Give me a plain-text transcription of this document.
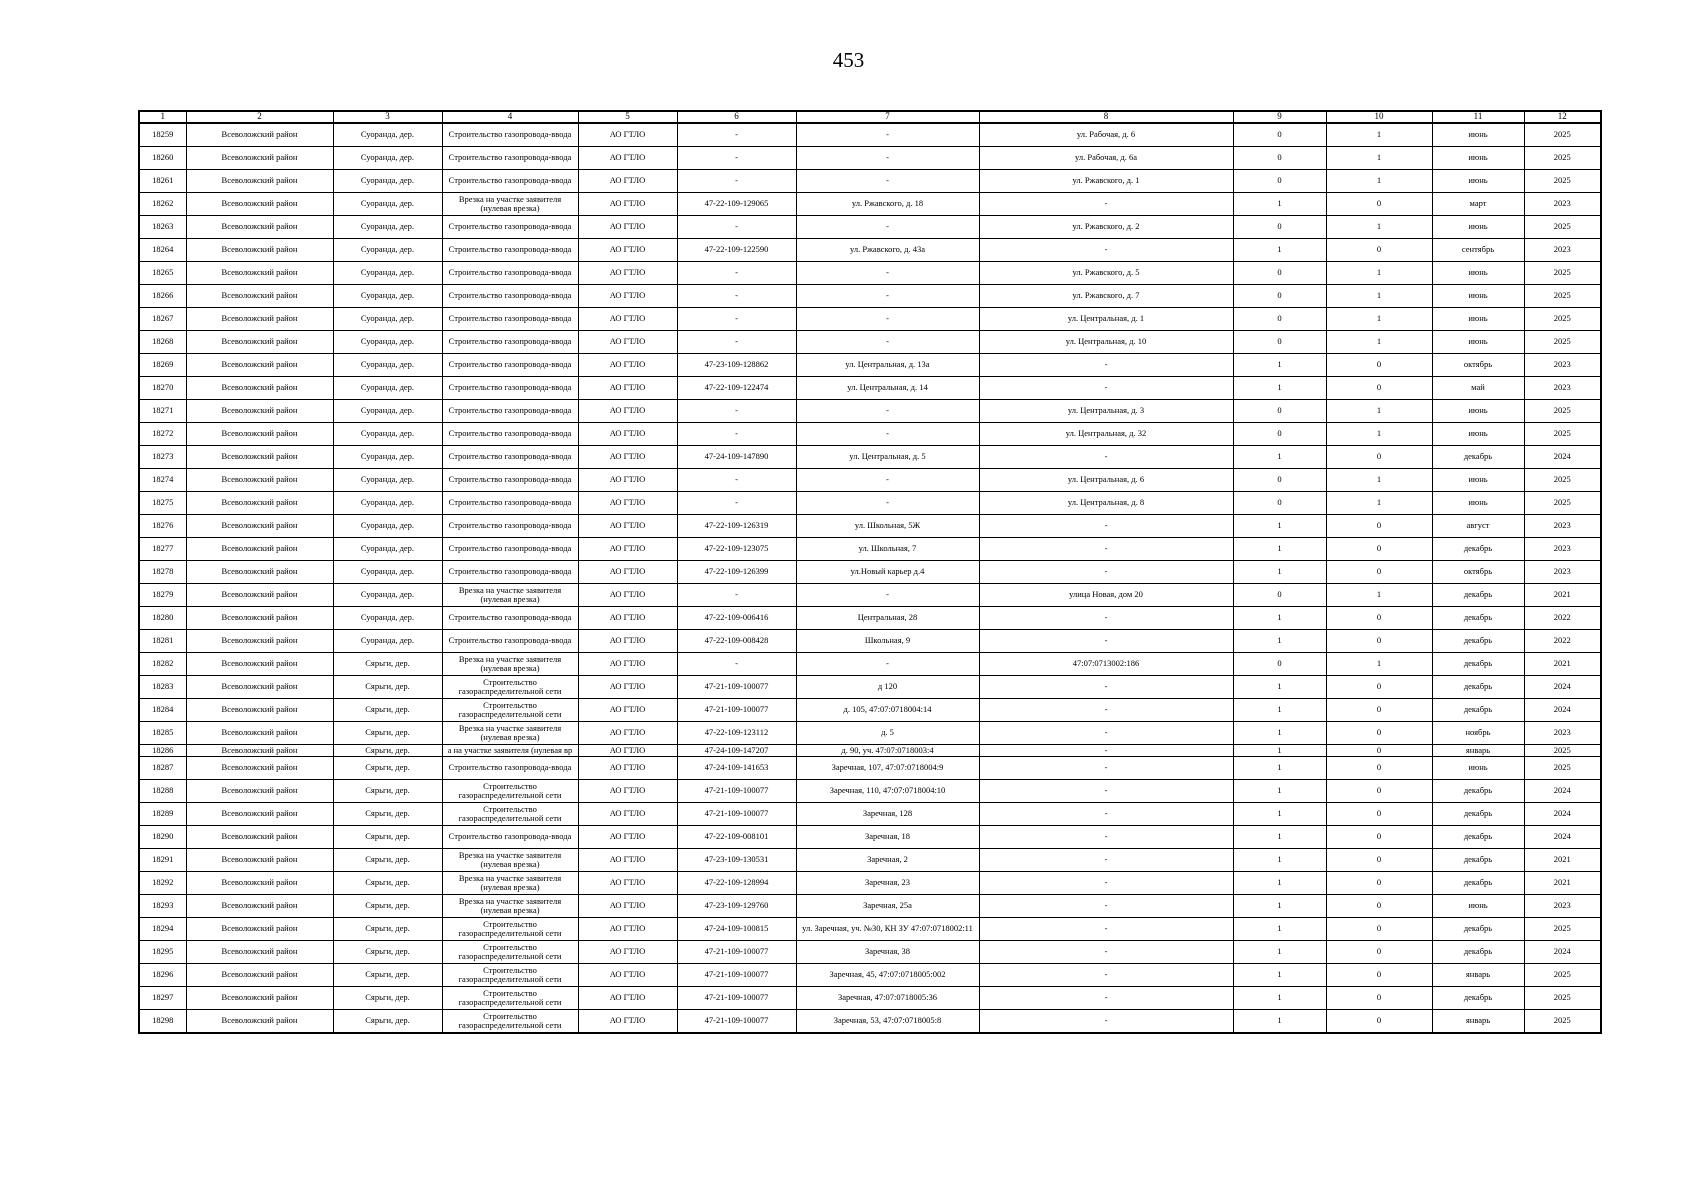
453
1	2	3	4	5	6	7	8	9	10	11	12
18259	Всеволожский район	Суоранда, дер.	Строительство газопровода-ввода	АО ГТЛО	-	-	ул. Рабочая, д. 6	0	1	июнь	2025
18260	Всеволожский район	Суоранда, дер.	Строительство газопровода-ввода	АО ГТЛО	-	-	ул. Рабочая, д. 6а	0	1	июнь	2025
18261	Всеволожский район	Суоранда, дер.	Строительство газопровода-ввода	АО ГТЛО	-	-	ул. Ржавского, д. 1	0	1	июнь	2025
18262	Всеволожский район	Суоранда, дер.	Врезка на участке заявителя (нулевая врезка)	АО ГТЛО	47-22-109-129065	ул. Ржавского, д. 18	-	1	0	март	2023
18263	Всеволожский район	Суоранда, дер.	Строительство газопровода-ввода	АО ГТЛО	-	-	ул. Ржавского, д. 2	0	1	июнь	2025
18264	Всеволожский район	Суоранда, дер.	Строительство газопровода-ввода	АО ГТЛО	47-22-109-122590	ул. Ржавского, д. 43а	-	1	0	сентябрь	2023
18265	Всеволожский район	Суоранда, дер.	Строительство газопровода-ввода	АО ГТЛО	-	-	ул. Ржавского, д. 5	0	1	июнь	2025
18266	Всеволожский район	Суоранда, дер.	Строительство газопровода-ввода	АО ГТЛО	-	-	ул. Ржавского, д. 7	0	1	июнь	2025
18267	Всеволожский район	Суоранда, дер.	Строительство газопровода-ввода	АО ГТЛО	-	-	ул. Центральная, д. 1	0	1	июнь	2025
18268	Всеволожский район	Суоранда, дер.	Строительство газопровода-ввода	АО ГТЛО	-	-	ул. Центральная, д. 10	0	1	июнь	2025
18269	Всеволожский район	Суоранда, дер.	Строительство газопровода-ввода	АО ГТЛО	47-23-109-128862	ул. Центральная, д. 13а	-	1	0	октябрь	2023
18270	Всеволожский район	Суоранда, дер.	Строительство газопровода-ввода	АО ГТЛО	47-22-109-122474	ул. Центральная, д. 14	-	1	0	май	2023
18271	Всеволожский район	Суоранда, дер.	Строительство газопровода-ввода	АО ГТЛО	-	-	ул. Центральная, д. 3	0	1	июнь	2025
18272	Всеволожский район	Суоранда, дер.	Строительство газопровода-ввода	АО ГТЛО	-	-	ул. Центральная, д. 32	0	1	июнь	2025
18273	Всеволожский район	Суоранда, дер.	Строительство газопровода-ввода	АО ГТЛО	47-24-109-147890	ул. Центральная, д. 5	-	1	0	декабрь	2024
18274	Всеволожский район	Суоранда, дер.	Строительство газопровода-ввода	АО ГТЛО	-	-	ул. Центральная, д. 6	0	1	июнь	2025
18275	Всеволожский район	Суоранда, дер.	Строительство газопровода-ввода	АО ГТЛО	-	-	ул. Центральная, д. 8	0	1	июнь	2025
18276	Всеволожский район	Суоранда, дер.	Строительство газопровода-ввода	АО ГТЛО	47-22-109-126319	ул. Школьная, 5Ж	-	1	0	август	2023
18277	Всеволожский район	Суоранда, дер.	Строительство газопровода-ввода	АО ГТЛО	47-22-109-123075	ул. Школьная, 7	-	1	0	декабрь	2023
18278	Всеволожский район	Суоранда, дер.	Строительство газопровода-ввода	АО ГТЛО	47-22-109-126399	ул.Новый карьер д.4	-	1	0	октябрь	2023
18279	Всеволожский район	Суоранда, дер.	Врезка на участке заявителя (нулевая врезка)	АО ГТЛО	-	-	улица Новая, дом 20	0	1	декабрь	2021
18280	Всеволожский район	Суоранда, дер.	Строительство газопровода-ввода	АО ГТЛО	47-22-109-006416	Центральная, 28	-	1	0	декабрь	2022
18281	Всеволожский район	Суоранда, дер.	Строительство газопровода-ввода	АО ГТЛО	47-22-109-008428	Школьная, 9	-	1	0	декабрь	2022
18282	Всеволожский район	Сярьги, дер.	Врезка на участке заявителя (нулевая врезка)	АО ГТЛО	-	-	47:07:0713002:186	0	1	декабрь	2021
18283	Всеволожский район	Сярьги, дер.	Строительство газораспределительной сети	АО ГТЛО	47-21-109-100077	д 120	-	1	0	декабрь	2024
18284	Всеволожский район	Сярьги, дер.	Строительство газораспределительной сети	АО ГТЛО	47-21-109-100077	д. 105, 47:07:0718004:14	-	1	0	декабрь	2024
18285	Всеволожский район	Сярьги, дер.	Врезка на участке заявителя (нулевая врезка)	АО ГТЛО	47-22-109-123112	д. 5	-	1	0	ноябрь	2023
18286	Всеволожский район	Сярьги, дер.	а на участке заявителя (нулевая вр	АО ГТЛО	47-24-109-147207	д. 90, уч. 47:07:0718003:4	-	1	0	январь	2025
18287	Всеволожский район	Сярьги, дер.	Строительство газопровода-ввода	АО ГТЛО	47-24-109-141653	Заречная, 107, 47:07:0718004:9	-	1	0	июнь	2025
18288	Всеволожский район	Сярьги, дер.	Строительство газораспределительной сети	АО ГТЛО	47-21-109-100077	Заречная, 110, 47:07:0718004:10	-	1	0	декабрь	2024
18289	Всеволожский район	Сярьги, дер.	Строительство газораспределительной сети	АО ГТЛО	47-21-109-100077	Заречная, 128	-	1	0	декабрь	2024
18290	Всеволожский район	Сярьги, дер.	Строительство газопровода-ввода	АО ГТЛО	47-22-109-008101	Заречная, 18	-	1	0	декабрь	2024
18291	Всеволожский район	Сярьги, дер.	Врезка на участке заявителя (нулевая врезка)	АО ГТЛО	47-23-109-130531	Заречная, 2	-	1	0	декабрь	2021
18292	Всеволожский район	Сярьги, дер.	Врезка на участке заявителя (нулевая врезка)	АО ГТЛО	47-22-109-128994	Заречная, 23	-	1	0	декабрь	2021
18293	Всеволожский район	Сярьги, дер.	Врезка на участке заявителя (нулевая врезка)	АО ГТЛО	47-23-109-129760	Заречная, 25а	-	1	0	июнь	2023
18294	Всеволожский район	Сярьги, дер.	Строительство газораспределительной сети	АО ГТЛО	47-24-109-100815	ул. Заречная, уч. №30, КН ЗУ 47:07:0718002:11	-	1	0	декабрь	2025
18295	Всеволожский район	Сярьги, дер.	Строительство газораспределительной сети	АО ГТЛО	47-21-109-100077	Заречная, 38	-	1	0	декабрь	2024
18296	Всеволожский район	Сярьги, дер.	Строительство газораспределительной сети	АО ГТЛО	47-21-109-100077	Заречная, 45, 47:07:0718005:002	-	1	0	январь	2025
18297	Всеволожский район	Сярьги, дер.	Строительство газораспределительной сети	АО ГТЛО	47-21-109-100077	Заречная, 47:07:0718005:36	-	1	0	декабрь	2025
18298	Всеволожский район	Сярьги, дер.	Строительство газораспределительной сети	АО ГТЛО	47-21-109-100077	Заречная, 53, 47:07:0718005:8	-	1	0	январь	2025
